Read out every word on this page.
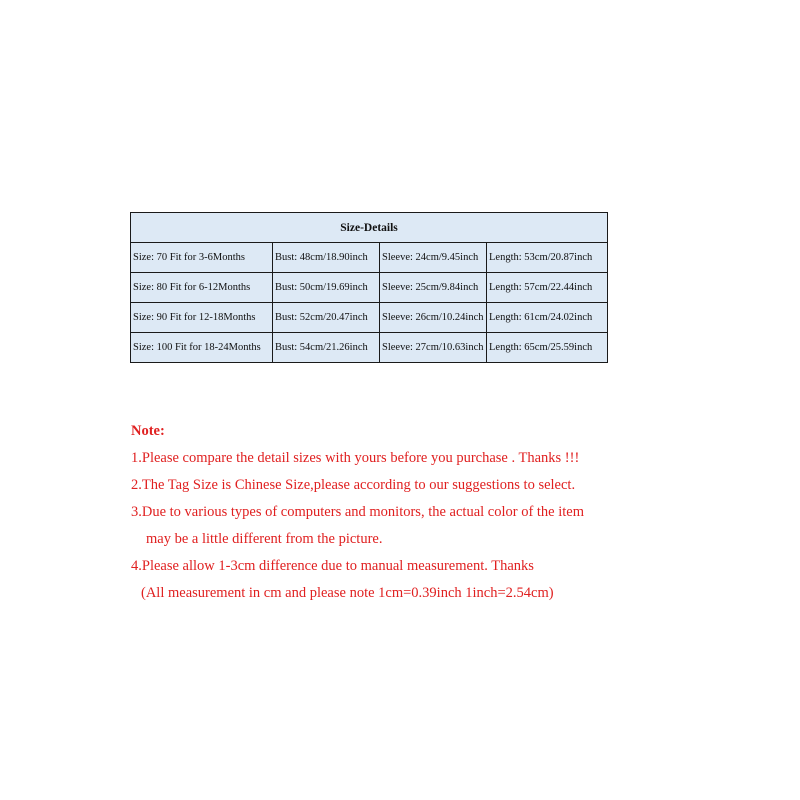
Size-Details			
Size: 70 Fit for 3-6Months	Bust: 48cm/18.90inch	Sleeve: 24cm/9.45inch	Length: 53cm/20.87inch
Size: 80 Fit for 6-12Months	Bust: 50cm/19.69inch	Sleeve: 25cm/9.84inch	Length: 57cm/22.44inch
Size: 90 Fit for 12-18Months	Bust: 52cm/20.47inch	Sleeve: 26cm/10.24inch	Length: 61cm/24.02inch
Size: 100 Fit for 18-24Months	Bust: 54cm/21.26inch	Sleeve: 27cm/10.63inch	Length: 65cm/25.59inch
Note:
1.Please compare the detail sizes with yours before you purchase . Thanks !!!
2.The Tag Size is Chinese Size,please according to our suggestions to select.
3.Due to various types of computers and monitors, the actual color of the item
may be a little different from the picture.
4.Please allow 1-3cm difference due to manual measurement. Thanks
(All measurement in cm and please note 1cm=0.39inch 1inch=2.54cm)
